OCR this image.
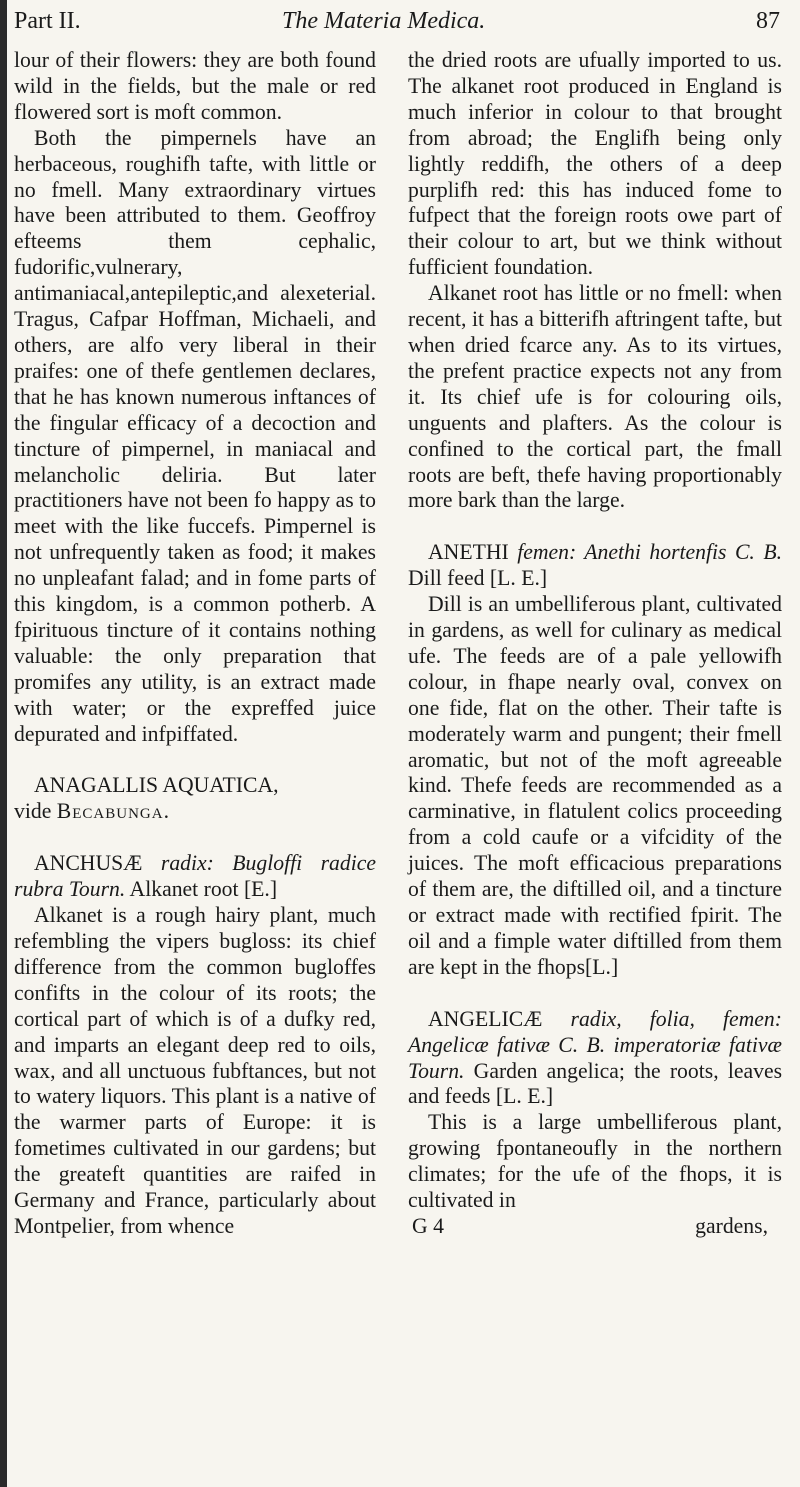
Part II.	The Materia Medica.	87

lour of their flowers: they are both found wild in the fields, but the male or red flowered sort is moft common.

Both the pimpernels have an herbaceous, roughifh tafte, with little or no fmell. Many extraordinary virtues have been attributed to them. Geoffroy efteems them cephalic, fudorific,vulnerary, antimaniacal,antepileptic,and alexeterial. Tragus, Cafpar Hoffman, Michaeli, and others, are alfo very liberal in their praifes: one of thefe gentlemen declares, that he has known numerous inftances of the fingular efficacy of a decoction and tincture of pimpernel, in maniacal and melancholic deliria. But later practitioners have not been fo happy as to meet with the like fuccefs. Pimpernel is not unfrequently taken as food; it makes no unpleafant falad; and in fome parts of this kingdom, is a common potherb. A fpirituous tincture of it contains nothing valuable: the only preparation that promifes any utility, is an extract made with water; or the expreffed juice depurated and infpiffated.

ANAGALLIS AQUATICA,
vide Becabunga.

ANCHUSÆ radix: Bugloffi radice rubra Tourn. Alkanet root [E.]

Alkanet is a rough hairy plant, much refembling the vipers bugloss: its chief difference from the common bugloffes confifts in the colour of its roots; the cortical part of which is of a dufky red, and imparts an elegant deep red to oils, wax, and all unctuous fubftances, but not to watery liquors. This plant is a native of the warmer parts of Europe: it is fometimes cultivated in our gardens; but the greateft quantities are raifed in Germany and France, particularly about Montpelier, from whence

the dried roots are ufually imported to us. The alkanet root produced in England is much inferior in colour to that brought from abroad; the Englifh being only lightly reddifh, the others of a deep purplifh red: this has induced fome to fufpect that the foreign roots owe part of their colour to art, but we think without fufficient foundation.

Alkanet root has little or no fmell: when recent, it has a bitterifh aftringent tafte, but when dried fcarce any. As to its virtues, the prefent practice expects not any from it. Its chief ufe is for colouring oils, unguents and plafters. As the colour is confined to the cortical part, the fmall roots are beft, thefe having proportionably more bark than the large.

ANETHI femen: Anethi hortenfis C. B. Dill feed [L. E.]

Dill is an umbelliferous plant, cultivated in gardens, as well for culinary as medical ufe. The feeds are of a pale yellowifh colour, in fhape nearly oval, convex on one fide, flat on the other. Their tafte is moderately warm and pungent; their fmell aromatic, but not of the moft agreeable kind. Thefe feeds are recommended as a carminative, in flatulent colics proceeding from a cold caufe or a vifcidity of the juices. The moft efficacious preparations of them are, the diftilled oil, and a tincture or extract made with rectified fpirit. The oil and a fimple water diftilled from them are kept in the fhops[L.]

ANGELICÆ radix, folia, femen: Angelicæ fativæ C. B. imperatoriæ fativæ Tourn. Garden angelica; the roots, leaves and feeds [L. E.]

This is a large umbelliferous plant, growing fpontaneoufly in the northern climates; for the ufe of the fhops, it is cultivated in

G 4	gardens,
